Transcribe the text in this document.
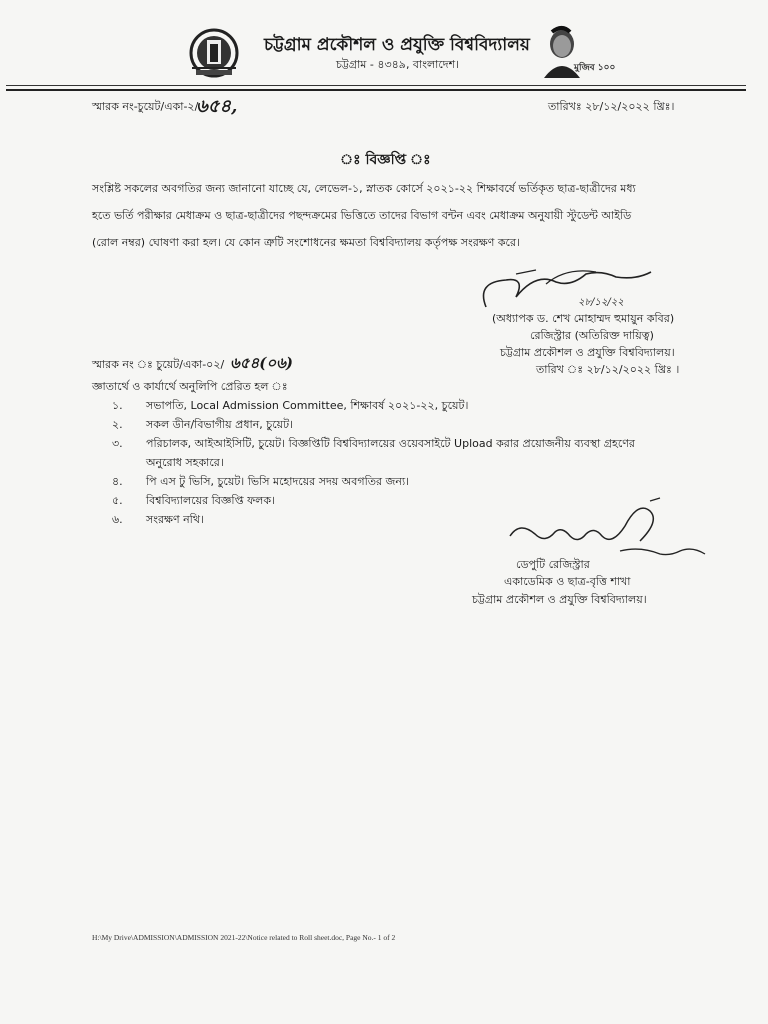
চট্টগ্রাম প্রকৌশল ও প্রযুক্তি বিশ্ববিদ্যালয়
চট্টগ্রাম - ৪৩৪৯, বাংলাদেশ।	মুজিব ১০০
স্মারক নং-চুয়েট/একা-২/
৬৫৪,	তারিখঃ ২৮/১২/২০২২ খ্রিঃ।
ঃ বিজ্ঞপ্তি ঃ
সংশ্লিষ্ট সকলের অবগতির জন্য জানানো যাচ্ছে যে, লেভেল-১, স্নাতক কোর্সে ২০২১-২২ শিক্ষাবর্ষে ভর্তিকৃত ছাত্র-ছাত্রীদের মধ্য
হতে ভর্তি পরীক্ষার মেধাক্রম ও ছাত্র-ছাত্রীদের পছন্দক্রমের ভিত্তিতে তাদের বিভাগ বন্টন এবং মেধাক্রম অনুযায়ী স্টুডেন্ট আইডি
(রোল নম্বর) ঘোষণা করা হল। যে কোন ত্রুটি সংশোধনের ক্ষমতা বিশ্ববিদ্যালয় কর্তৃপক্ষ সংরক্ষণ করে।
২৮/১২/২২
(অধ্যাপক ড. শেখ মোহাম্মদ হুমায়ুন কবির)
রেজিস্ট্রার (অতিরিক্ত দায়িত্ব)
চট্টগ্রাম প্রকৌশল ও প্রযুক্তি বিশ্ববিদ্যালয়।
তারিখ ঃ ২৮/১২/২০২২ খ্রিঃ ।
স্মারক নং ঃ চুয়েট/একা-০২/ ৬৫৪(০৬)
জ্ঞাতার্থে ও কার্যার্থে অনুলিপি প্রেরিত হল ঃ
১.	সভাপতি, Local Admission Committee, শিক্ষাবর্ষ ২০২১-২২, চুয়েট।
২.	সকল ডীন/বিভাগীয় প্রধান, চুয়েট।
৩.	পরিচালক, আইআইসিটি, চুয়েট। বিজ্ঞপ্তিটি বিশ্ববিদ্যালয়ের ওয়েবসাইটে Upload করার প্রয়োজনীয় ব্যবস্থা গ্রহণের
অনুরোধ সহকারে।
৪.	পি এস টু ভিসি, চুয়েট। ভিসি মহোদয়ের সদয় অবগতির জন্য।
৫.	বিশ্ববিদ্যালয়ের বিজ্ঞপ্তি ফলক।
৬.	সংরক্ষণ নথি।
ডেপুটি রেজিস্ট্রার
একাডেমিক ও ছাত্র-বৃত্তি শাখা
চট্টগ্রাম প্রকৌশল ও প্রযুক্তি বিশ্ববিদ্যালয়।
H:\My Drive\ADMISSION\ADMISSION 2021-22\Notice related to Roll sheet.doc, Page No.- 1 of 2
